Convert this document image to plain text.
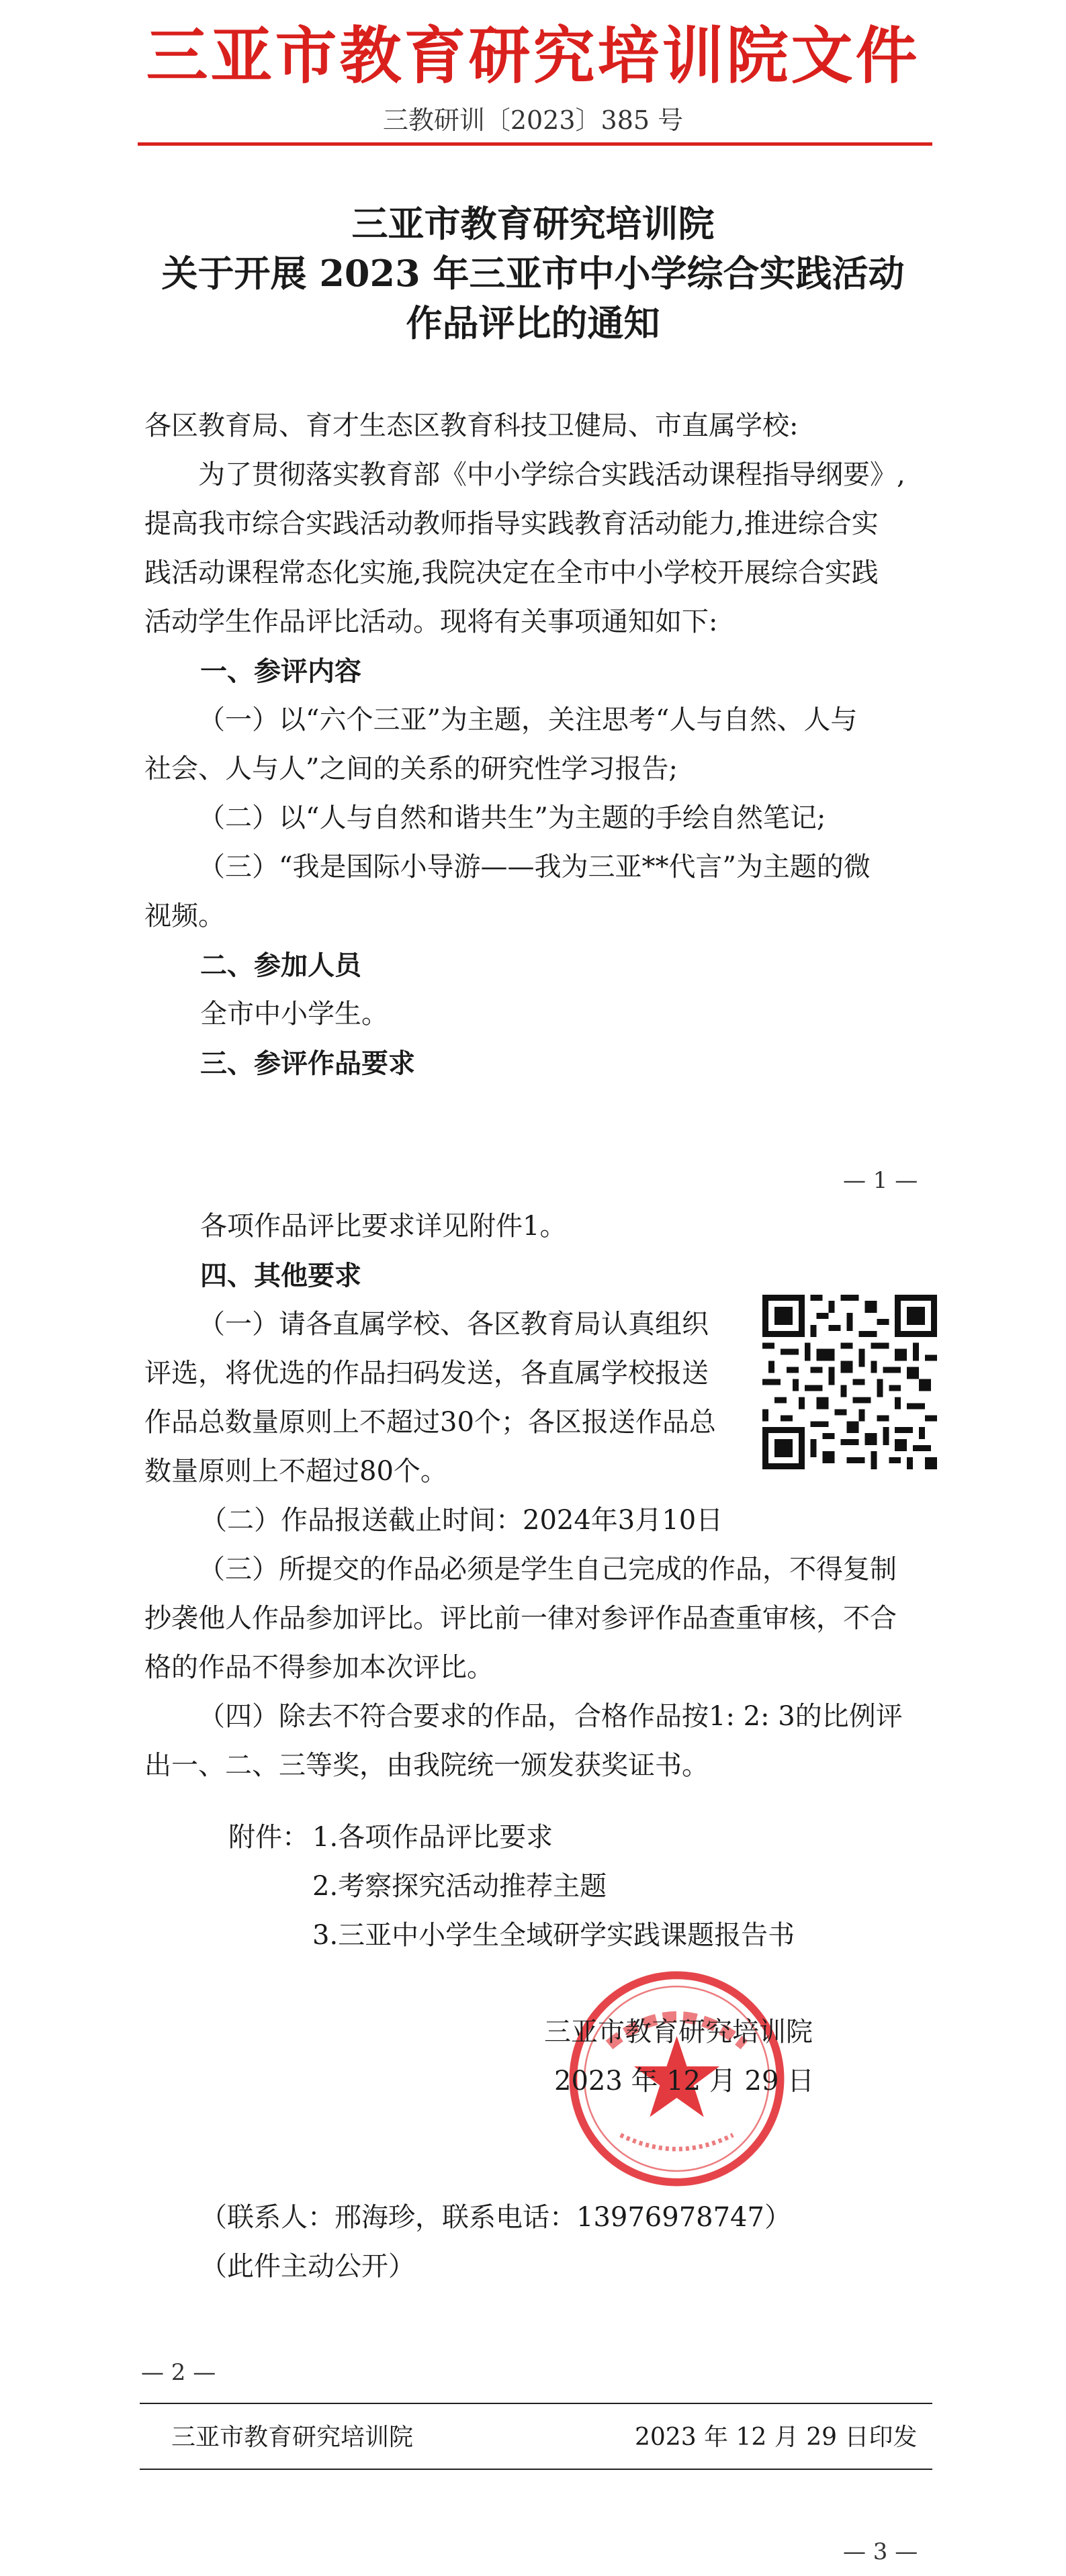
三亚市教育研究培训院文件
三教研训〔2023〕385 号
三亚市教育研究培训院
关于开展 2023 年三亚市中小学综合实践活动
作品评比的通知
各区教育局、育才生态区教育科技卫健局、市直属学校:
为了贯彻落实教育部《中小学综合实践活动课程指导纲要》,
提高我市综合实践活动教师指导实践教育活动能力,推进综合实
践活动课程常态化实施,我院决定在全市中小学校开展综合实践
活动学生作品评比活动。现将有关事项通知如下:
一、参评内容
（一）以“六个三亚”为主题，关注思考“人与自然、人与
社会、人与人”之间的关系的研究性学习报告;
（二）以“人与自然和谐共生”为主题的手绘自然笔记;
（三）“我是国际小导游——我为三亚**代言”为主题的微
视频。
二、参加人员
全市中小学生。
三、参评作品要求
— 1 —
各项作品评比要求详见附件1。
四、其他要求
（一）请各直属学校、各区教育局认真组织
评选，将优选的作品扫码发送，各直属学校报送
作品总数量原则上不超过30个；各区报送作品总
数量原则上不超过80个。
（二）作品报送截止时间：2024年3月10日
（三）所提交的作品必须是学生自己完成的作品，不得复制
抄袭他人作品参加评比。评比前一律对参评作品查重审核，不合
格的作品不得参加本次评比。
（四）除去不符合要求的作品，合格作品按1: 2: 3的比例评
出一、二、三等奖，由我院统一颁发获奖证书。
附件： 1.各项作品评比要求
2.考察探究活动推荐主题
3.三亚中小学生全域研学实践课题报告书
三亚市教育研究培训院
2023 年 12 月 29 日
（联系人：邢海珍，联系电话：13976978747）
（此件主动公开）
— 2 —
三亚市教育研究培训院	2023 年 12 月 29 日印发
— 3 —
